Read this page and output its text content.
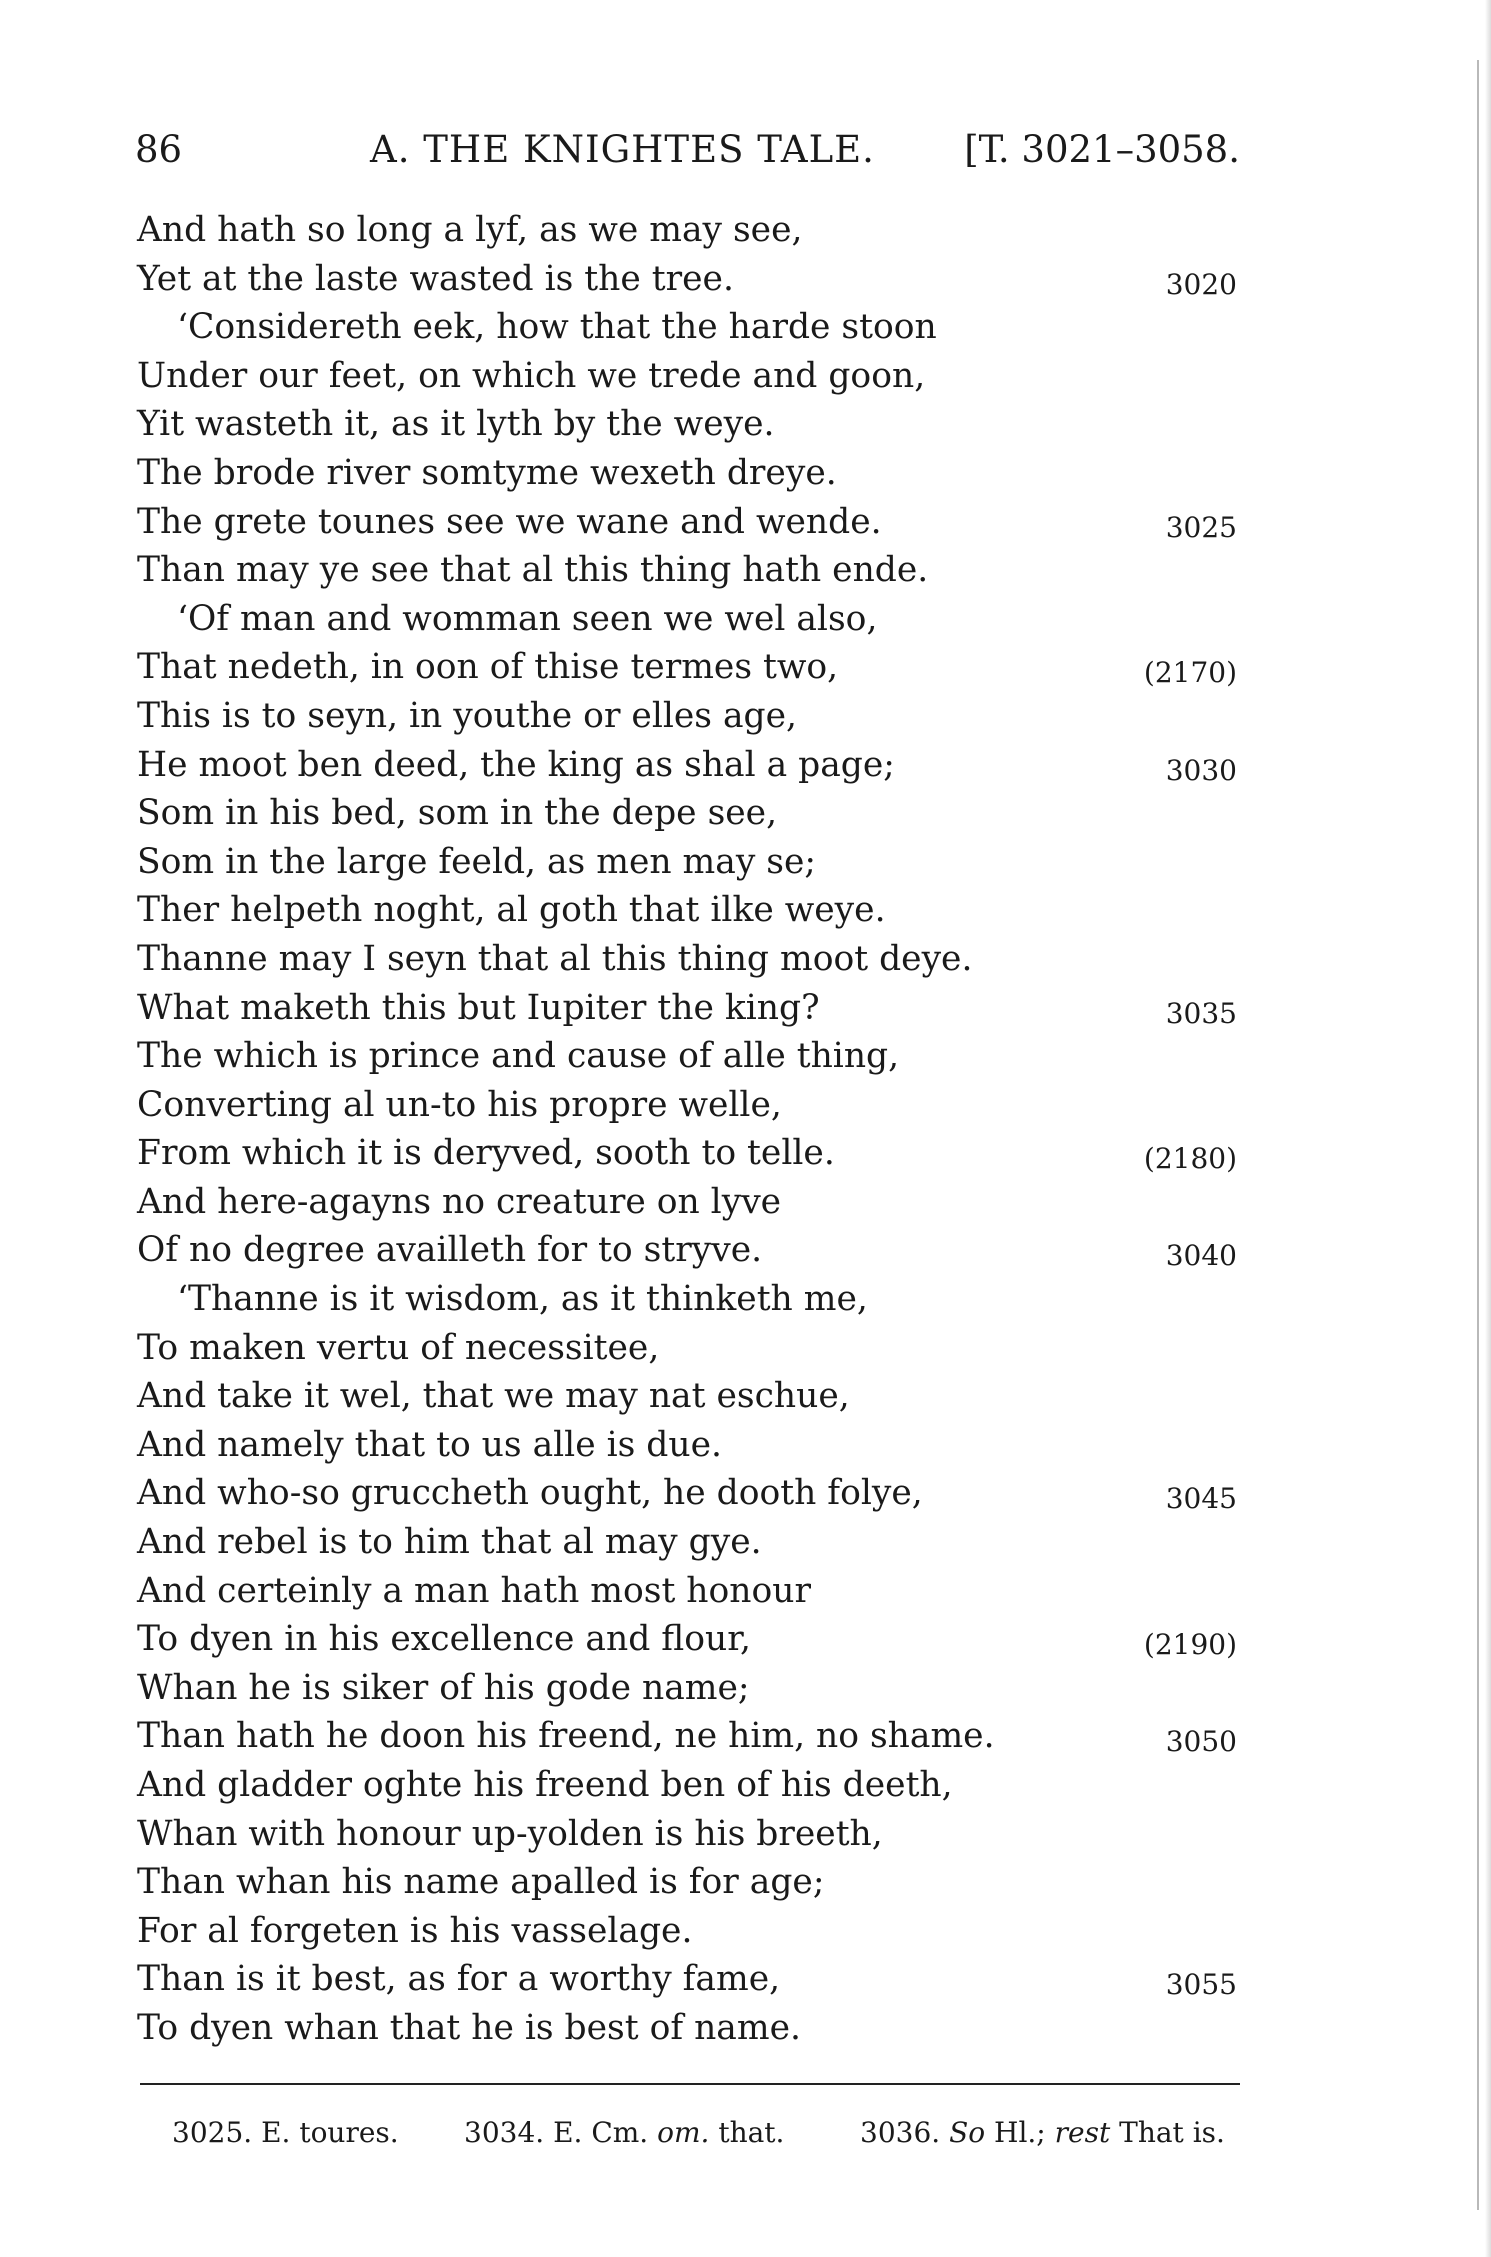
86	A. THE KNIGHTES TALE. [T. 3021–3058.
And hath so long a lyf, as we may see,
Yet at the laste wasted is the tree.	3020
‘Considereth eek, how that the harde stoon
Under our feet, on which we trede and goon,
Yit wasteth it, as it lyth by the weye.
The brode river somtyme wexeth dreye.
The grete tounes see we wane and wende.	3025
Than may ye see that al this thing hath ende.
‘Of man and womman seen we wel also,
That nedeth, in oon of thise termes two,	(2170)
This is to seyn, in youthe or elles age,
He moot ben deed, the king as shal a page;	3030
Som in his bed, som in the depe see,
Som in the large feeld, as men may se;
Ther helpeth noght, al goth that ilke weye.
Thanne may I seyn that al this thing moot deye.
What maketh this but Iupiter the king?	3035
The which is prince and cause of alle thing,
Converting al un-to his propre welle,
From which it is deryved, sooth to telle.	(2180)
And here-agayns no creature on lyve
Of no degree availleth for to stryve.	3040
‘Thanne is it wisdom, as it thinketh me,
To maken vertu of necessitee,
And take it wel, that we may nat eschue,
And namely that to us alle is due.
And who-so gruccheth ought, he dooth folye,	3045
And rebel is to him that al may gye.
And certeinly a man hath most honour
To dyen in his excellence and flour,	(2190)
Whan he is siker of his gode name;
Than hath he doon his freend, ne him, no shame.	3050
And gladder oghte his freend ben of his deeth,
Whan with honour up-yolden is his breeth,
Than whan his name apalled is for age;
For al forgeten is his vasselage.
Than is it best, as for a worthy fame,	3055
To dyen whan that he is best of name.
3025. E. toures. 3034. E. Cm. om. that.	3036. So Hl.; rest That is.
